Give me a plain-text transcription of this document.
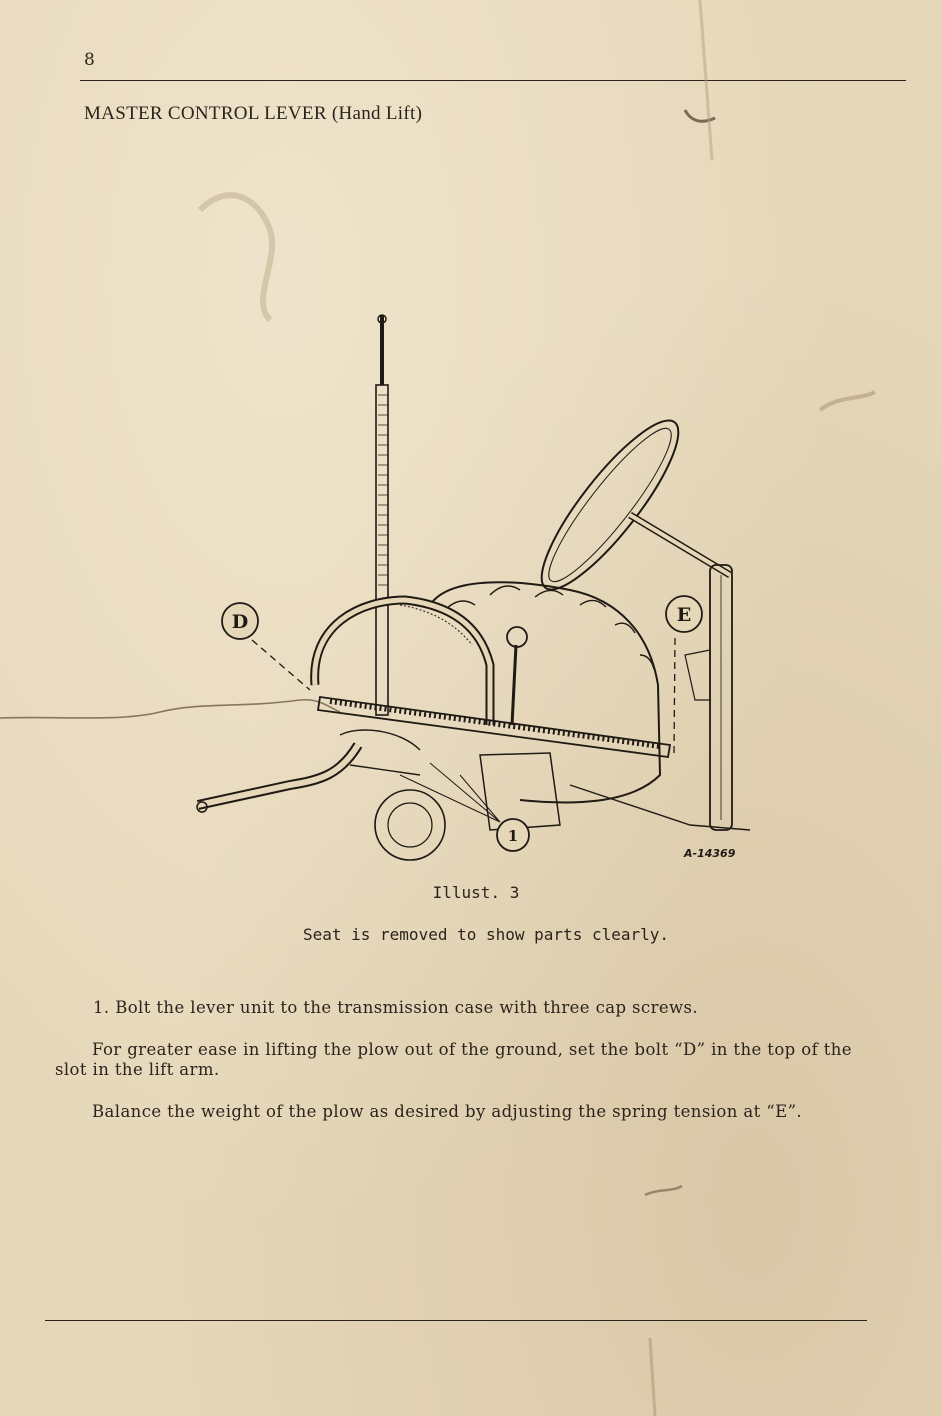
8
MASTER CONTROL LEVER (Hand Lift)
D	E
1
A-14369
Illust. 3
Seat is removed to show parts clearly.
1. Bolt the lever unit to the transmission case with three cap screws.
For greater ease in lifting the plow out of the ground, set the bolt “D” in the top of the slot in the lift arm.
Balance the weight of the plow as desired by adjusting the spring tension at “E”.
